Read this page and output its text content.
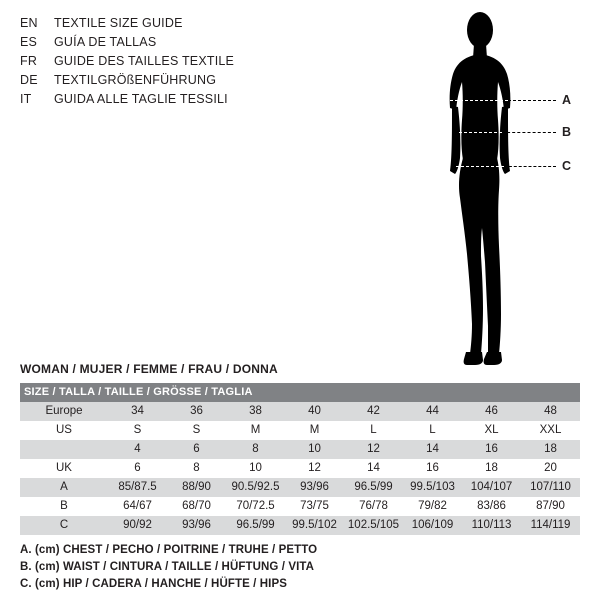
EN	TEXTILE SIZE GUIDE
ES	GUÍA DE TALLAS
FR	GUIDE DES TAILLES TEXTILE
DE	TEXTILGRÖßENFÜHRUNG
IT	GUIDA ALLE TAGLIE TESSILI	A
B
C
WOMAN / MUJER / FEMME / FRAU / DONNA
SIZE / TALLA / TAILLE / GRÖSSE / TAGLIA								
Europe	34	36	38	40	42	44	46	48
US	S	S	M	M	L	L	XL	XXL
	4	6	8	10	12	14	16	18
UK	6	8	10	12	14	16	18	20
A	85/87.5	88/90	90.5/92.5	93/96	96.5/99	99.5/103	104/107	107/110
B	64/67	68/70	70/72.5	73/75	76/78	79/82	83/86	87/90
C	90/92	93/96	96.5/99	99.5/102	102.5/105	106/109	110/113	114/119
A. (cm) CHEST / PECHO / POITRINE / TRUHE / PETTO
B. (cm) WAIST / CINTURA / TAILLE / HÜFTUNG / VITA
C. (cm) HIP / CADERA / HANCHE / HÜFTE / HIPS
